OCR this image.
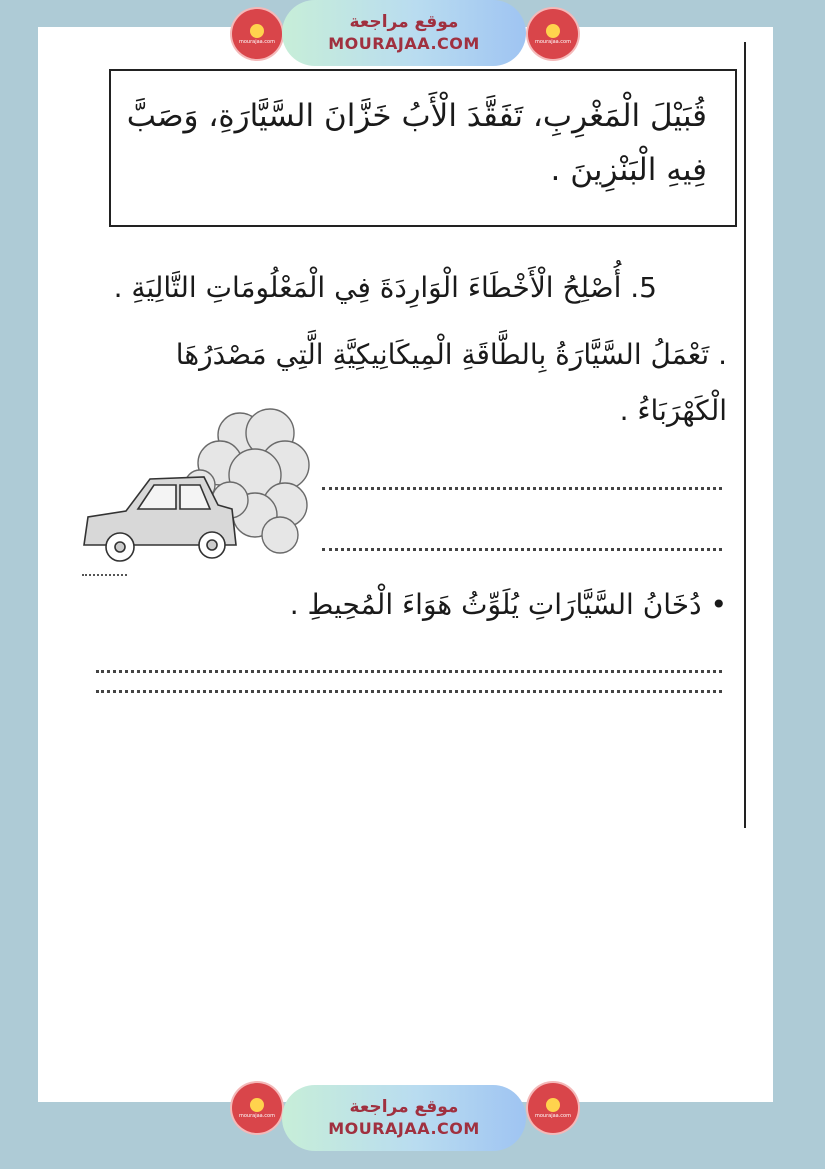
mourajaa.com
موقع مراجعة
MOURAJAA.COM	mourajaa.com
قُبَيْلَ الْمَغْرِبِ، تَفَقَّدَ الْأَبُ خَزَّانَ السَّيَّارَةِ، وَصَبَّ
فِيهِ الْبَنْزِينَ .
5. أُصْلِحُ الْأَخْطَاءَ الْوَارِدَةَ فِي الْمَعْلُومَاتِ التَّالِيَةِ .
. تَعْمَلُ السَّيَّارَةُ بِالطَّاقَةِ الْمِيكَانِيكِيَّةِ الَّتِي مَصْدَرُهَا
الْكَهْرَبَاءُ .
• دُخَانُ السَّيَّارَاتِ يُلَوِّثُ هَوَاءَ الْمُحِيطِ .
mourajaa.com	موقع مراجعة
MOURAJAA.COM
mourajaa.com
